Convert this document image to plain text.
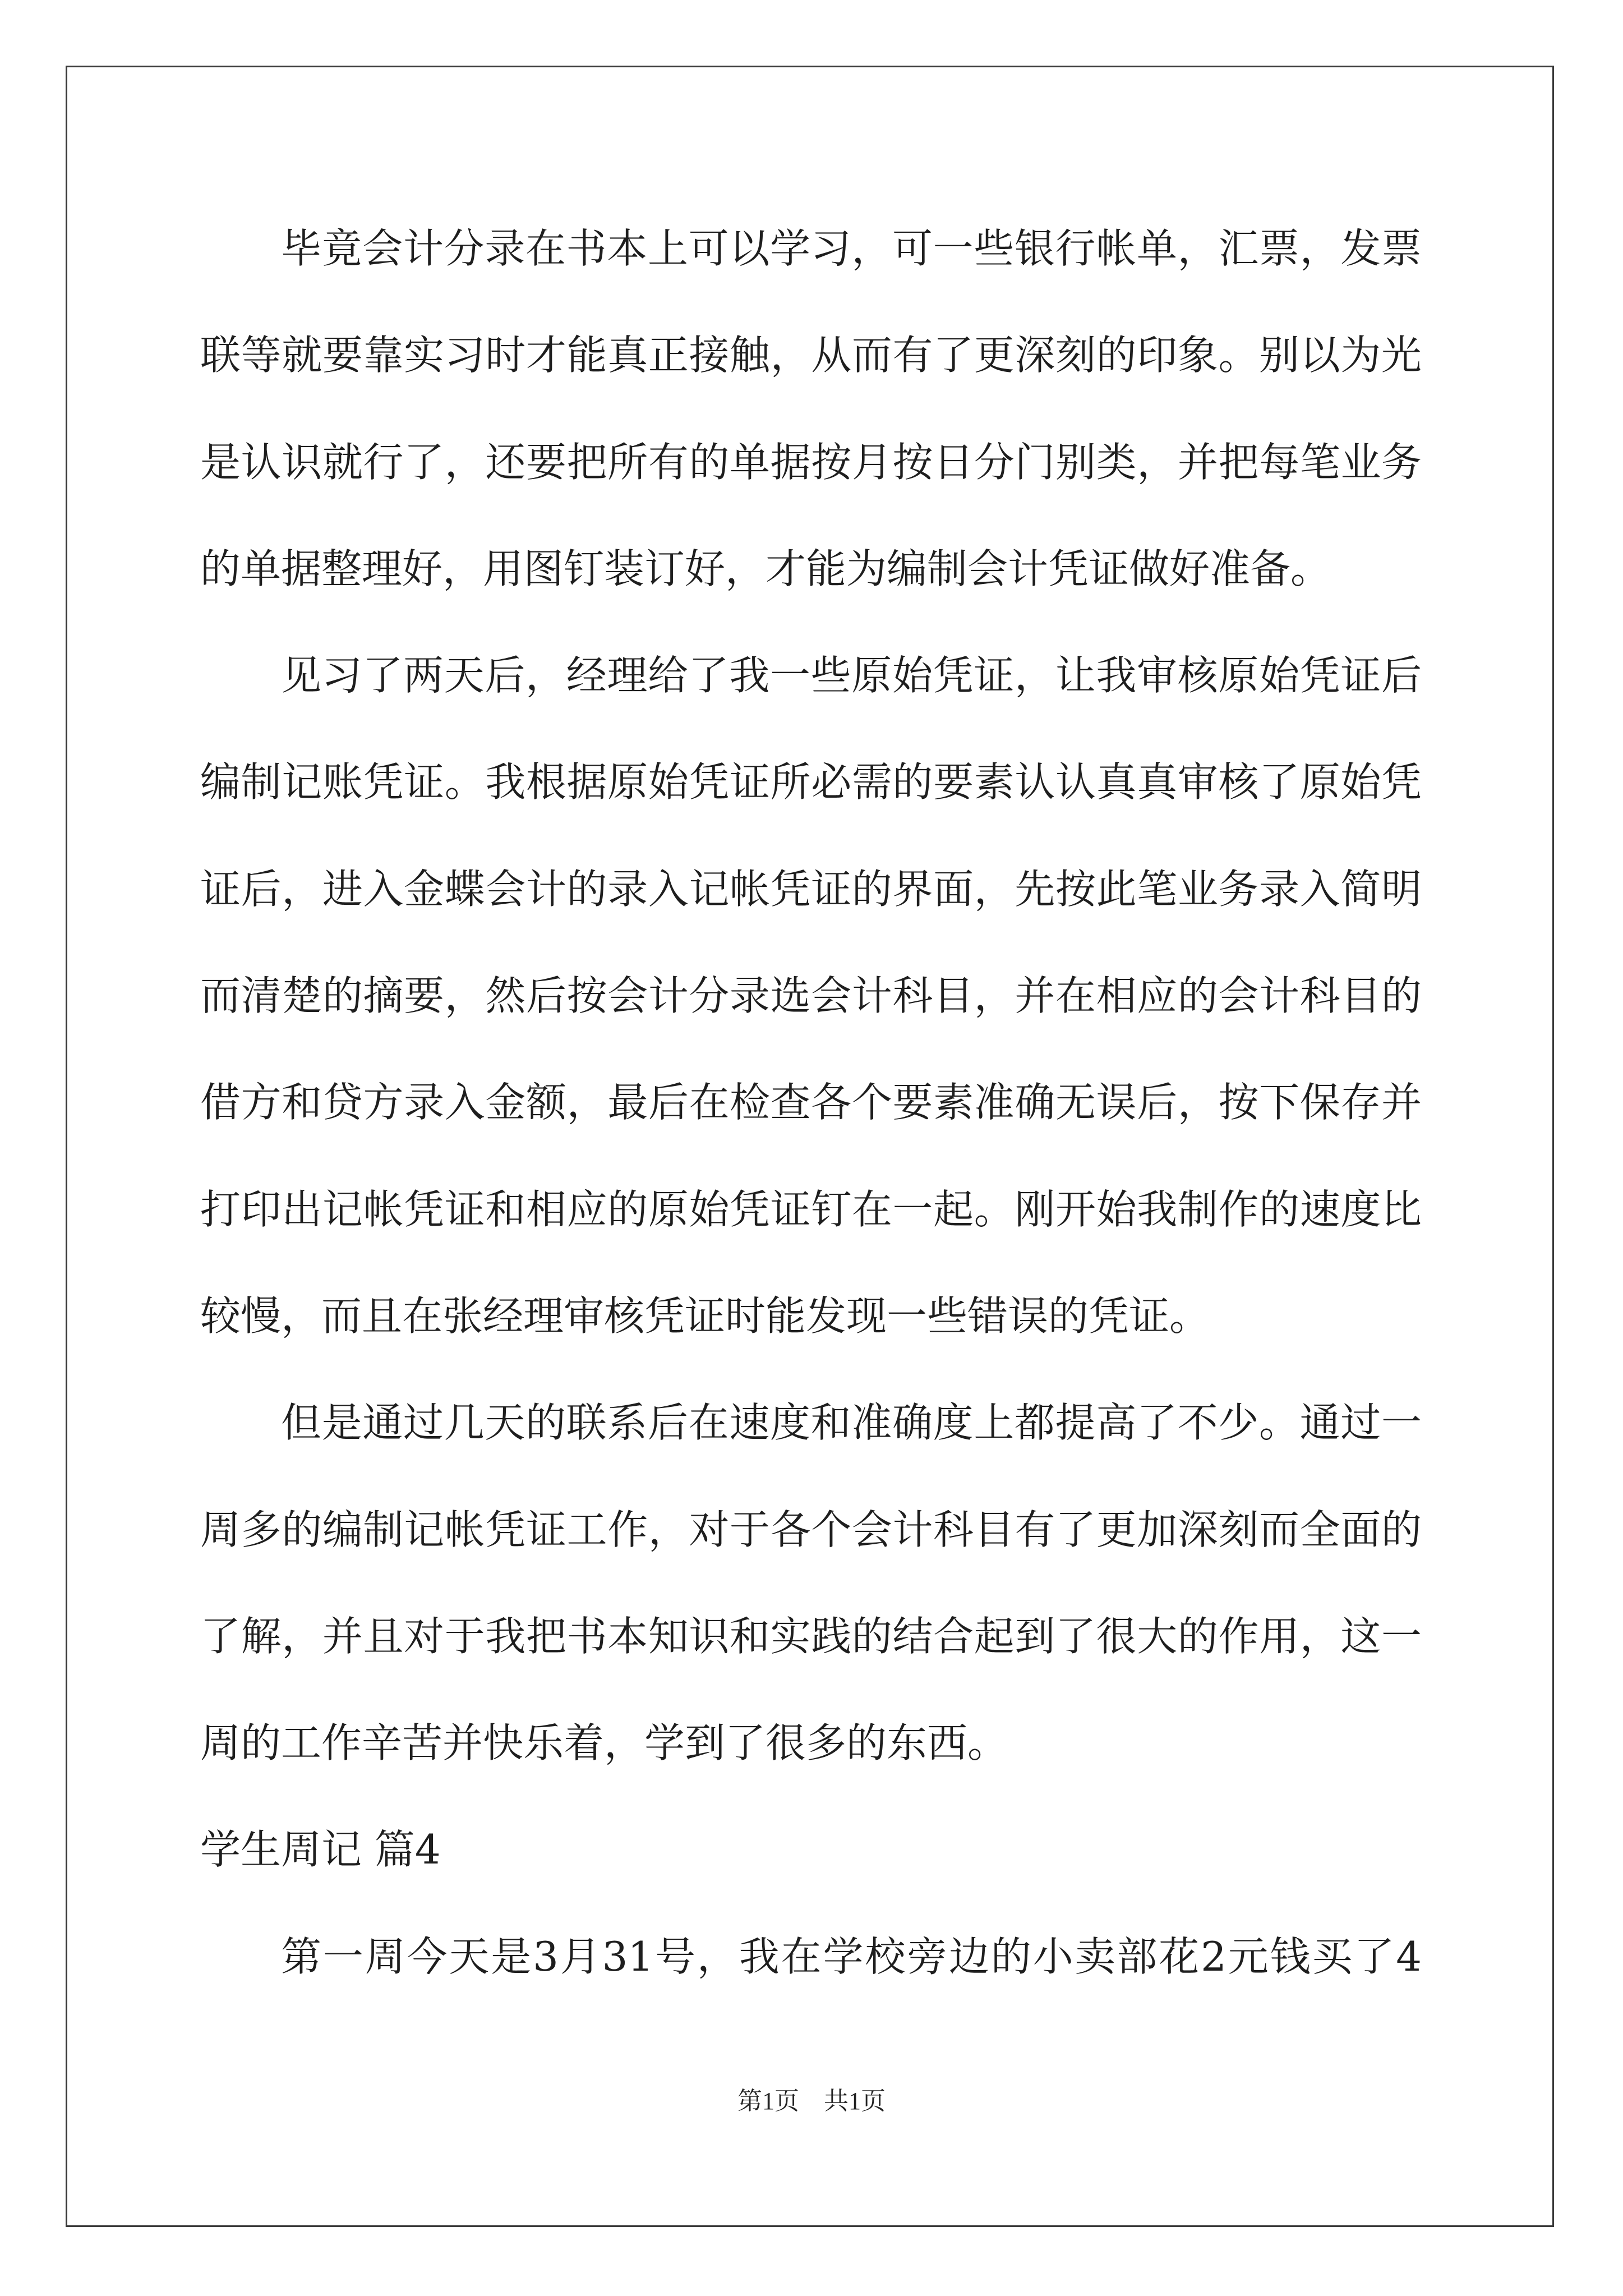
毕竟会计分录在书本上可以学习，可一些银行帐单，汇票，发票
联等就要靠实习时才能真正接触，从而有了更深刻的印象。别以为光
是认识就行了，还要把所有的单据按月按日分门别类，并把每笔业务
的单据整理好，用图钉装订好，才能为编制会计凭证做好准备。
见习了两天后，经理给了我一些原始凭证，让我审核原始凭证后
编制记账凭证。我根据原始凭证所必需的要素认认真真审核了原始凭
证后，进入金蝶会计的录入记帐凭证的界面，先按此笔业务录入简明
而清楚的摘要，然后按会计分录选会计科目，并在相应的会计科目的
借方和贷方录入金额，最后在检查各个要素准确无误后，按下保存并
打印出记帐凭证和相应的原始凭证钉在一起。刚开始我制作的速度比
较慢，而且在张经理审核凭证时能发现一些错误的凭证。
但是通过几天的联系后在速度和准确度上都提高了不少。通过一
周多的编制记帐凭证工作，对于各个会计科目有了更加深刻而全面的
了解，并且对于我把书本知识和实践的结合起到了很大的作用，这一
周的工作辛苦并快乐着，学到了很多的东西。
学生周记 篇4
第一周今天是3月31号，我在学校旁边的小卖部花2元钱买了4
第1页 共1页
